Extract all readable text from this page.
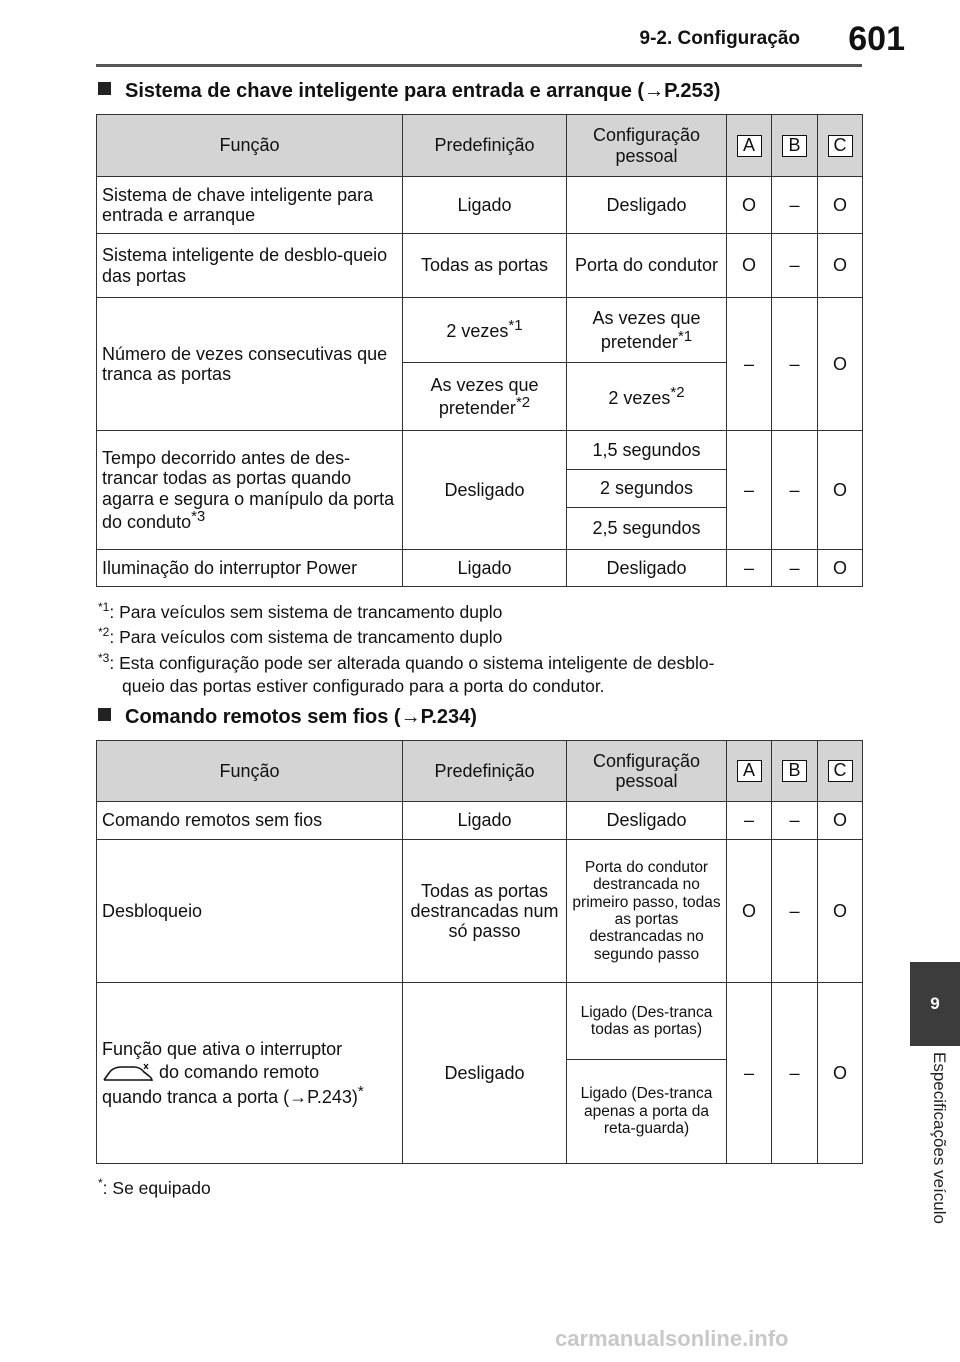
9-2. Configuração	601
9
Especificações veículo
Sistema de chave inteligente para entrada e arranque (→P.253)
Função	Predefinição	Configuração pessoal	A	B	C
Sistema de chave inteligente para entrada e arranque	Ligado	Desligado	O	–	O
Sistema inteligente de desblo-queio das portas	Todas as portas	Porta do condutor	O	–	O
Número de vezes consecutivas que tranca as portas	2 vezes$^{*1}$	As vezes que pretender$^{*1}$	–	–	O
	As vezes que pretender$^{*2}$	2 vezes$^{*2}$
Tempo decorrido antes de des-trancar todas as portas quando agarra e segura o manípulo da porta do conduto$^{*3}$	Desligado	1,5 segundos	–	–	O
		2 segundos			
		2,5 segundos			
Iluminação do interruptor Power	Ligado	Desligado	–	–	O
$^{*1}$: Para veículos sem sistema de trancamento duplo
$^{*2}$: Para veículos com sistema de trancamento duplo
$^{*3}$: Esta configuração pode ser alterada quando o sistema inteligente de desblo-
queio das portas estiver configurado para a porta do condutor.
Comando remotos sem fios (→P.234)
Função	Predefinição	Configuração pessoal	A	B	C
Comando remotos sem fios	Ligado	Desligado	–	–	O
Desbloqueio	Todas as portas destrancadas num só passo	Porta do condutor destrancada no primeiro passo, todas as portas destrancadas no segundo passo	O	–	O

Função que ativa o interruptor
do comando remoto
quando tranca a porta (→P.243)*	Desligado	Ligado (Des-tranca todas as portas)	–	–	O
		Ligado (Des-tranca apenas a porta da reta-guarda)			
*: Se equipado
carmanualsonline.info
